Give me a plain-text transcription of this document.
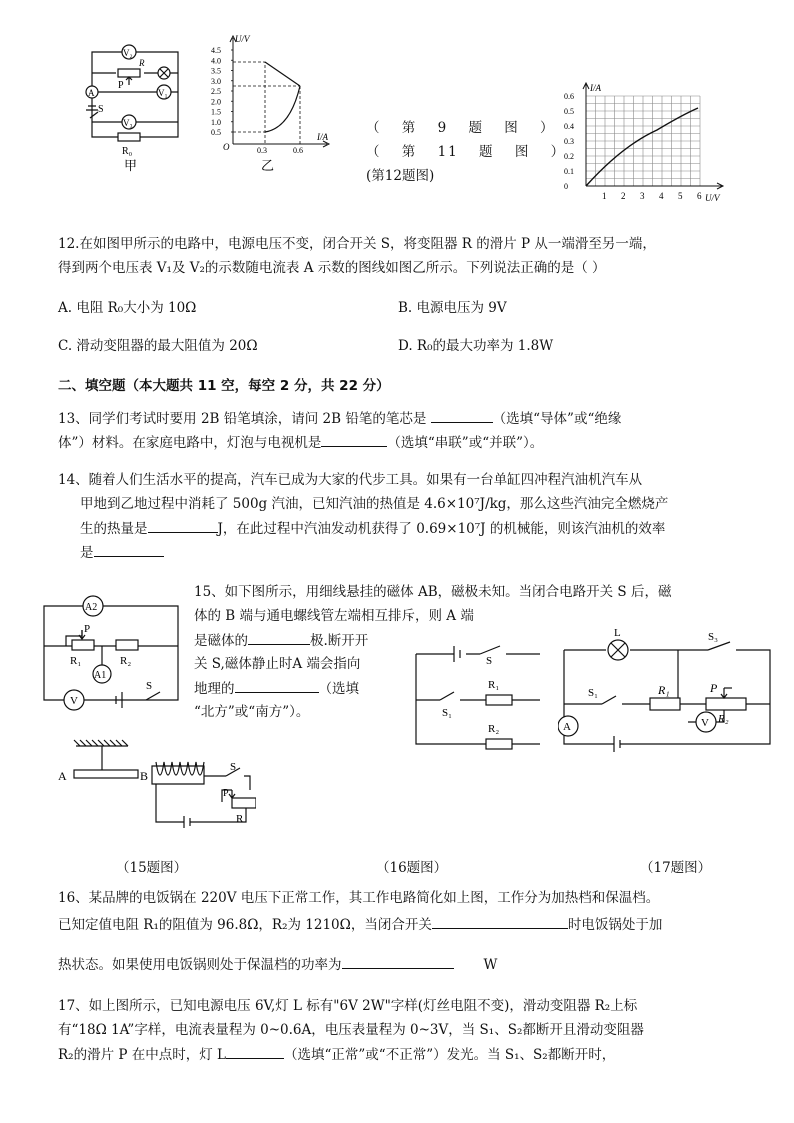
V₂
R
V₁
A
P
S
V₃
R₀
甲
4.5
4.0
3.5
3.0
2.5
2.0
1.5
1.0
0.5
U/V
I/A
O	0.3	0.6
乙
（ 第 9 题 图 ）
（ 第 11 题 图 ）
(第12题图)
0.6
0.5
0.4
0.3
0.2
0.1
0
1 2 3 4 5 6
I/A
U/V
12.在如图甲所示的电路中，电源电压不变，闭合开关 S，将变阻器 R 的滑片 P 从一端滑至另一端，
得到两个电压表 V₁及 V₂的示数随电流表 A 示数的图线如图乙所示。下列说法正确的是（ ）
A. 电阻 R₀大小为 10Ω	B. 电源电压为 9V
C. 滑动变阻器的最大阻值为 20Ω	D. R₀的最大功率为 1.8W
二、填空题（本大题共 11 空，每空 2 分，共 22 分）
13、同学们考试时要用 2B 铅笔填涂，请问 2B 铅笔的笔芯是	（选填“导体”或“绝缘
体”）材料。在家庭电路中，灯泡与电视机是	（选填“串联”或“并联”）。
14、随着人们生活水平的提高，汽车已成为大家的代步工具。如果有一台单缸四冲程汽油机汽车从
甲地到乙地过程中消耗了 500g 汽油，已知汽油的热值是 4.6×10⁷J/kg，那么这些汽油完全燃烧产
生的热量是	J，在此过程中汽油发动机获得了 0.69×10⁷J 的机械能，则该汽油机的效率
是
15、如下图所示，用细线悬挂的磁体 AB，磁极未知。当闭合电路开关 S 后，磁
体的 B 端与通电螺线管左端相互排斥，则 A 端
是磁体的	极.断开开
关 S,磁体静止时A 端会指向
地理的	（选填
“北方”或“南方”）。
A2
P
R₁	R₂
A1
V
S
S
R₁
S₁
R₂
L	S₃
S₁	R₁	P
R₂
A	V
A	B
S
P
R
（15题图）	（16题图）	（17题图）
16、某品牌的电饭锅在 220V 电压下正常工作，其工作电路简化如上图，工作分为加热档和保温档。
已知定值电阻 R₁的阻值为 96.8Ω，R₂为 1210Ω，当闭合开关	时电饭锅处于加
热状态。如果使用电饭锅则处于保温档的功率为	W
17、如上图所示，已知电源电压 6V,灯 L 标有"6V 2W"字样(灯丝电阻不变)，滑动变阻器 R₂上标
有“18Ω 1A”字样，电流表量程为 0~0.6A，电压表量程为 0~3V，当 S₁、S₂都断开且滑动变阻器
R₂的滑片 P 在中点时，灯 L	（选填“正常”或“不正常”）发光。当 S₁、S₂都断开时，
